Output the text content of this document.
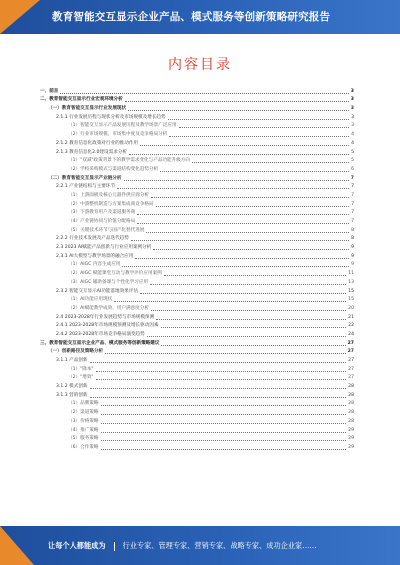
教育智能交互显示企业产品、模式服务等创新策略研究报告
内容目录
一、前言	3
二、教育智能交互显示行业宏观环境分析	3
（一）教育智能交互显示行业发展现状	3
2.1.1 行业发展历程与现状分析及市场规模及增长趋势	3
（1）智能交互显示产品发展历程及教学场景广泛应用	3
（2）行业市场规模、市场集中度及竞争格局分析	4
2.1.2 教育信息化政策对行业的推动作用	4
2.1.3 教育信息化2.0建设需求分析	5
（1）"双减"政策背景下的教学需求变化与产品功能升级方向	5
（2）学校采购模式与渠道结构变化趋势分析	6
（二）教育智能交互显示产业链分析	7
2.2.1 产业链结构与主要环节	7
（1）上游面板及核心元器件供应商分析	7
（2）中游整机制造与方案集成商竞争格局	7
（3）下游教育用户及渠道服务商	7
（4）产业链协同与价值分配格局	7
（5）关键技术环节与国产化替代进展	8
2.2.2 行业技术发展及产品迭代趋势	8
2.3 2023 AI赋能产品创新与行业应用案例分析	9
2.3.1 AI大模型与教学场景的融合应用	9
（1）AIGC 内容生成应用	9
（2）AIGC 赋能课堂互动与教学评价应用案例	11
（3）AIGC 辅助备课与个性化学习应用	13
2.3.2 智能交互显示AI功能落地效果评估	15
（1）AI功能应用现状	15
（2）AI赋能教学成效、用户满意度分析	20
2.4 2023-2028年行业发展趋势与市场规模预测	21
2.4.1 2023-2028年市场规模预测及增长驱动因素	22
2.4.2 2023-2028年市场竞争格局演变趋势	24
三、教育智能交互显示企业产品、模式服务等创新策略建议	27
（一）创新路径及策略分析	27
3.1.1 产品创新	27
（1）"降本"	27
（2）"增效"	27
3.1.2 模式创新	28
3.1.3 营销创新	28
（1）品牌策略	28
（2）渠道策略	28
（3）价格策略	28
（4）推广策略	29
（5）服务策略	29
（6）合作策略	29
让每个人都能成为 行业专家、管理专家、营销专家、战略专家、成功企业家……
